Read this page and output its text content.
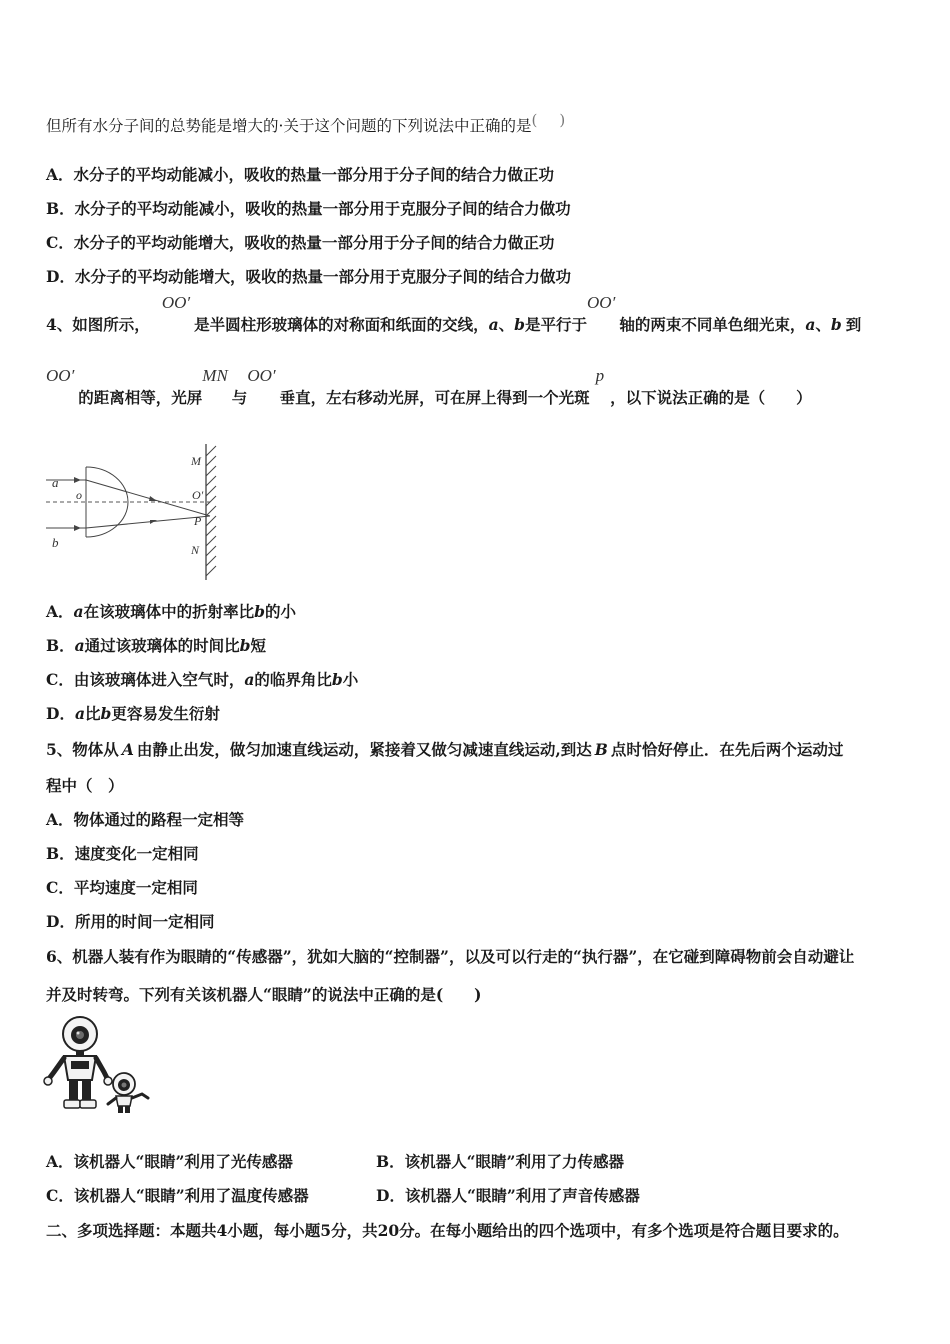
但所有水分子间的总势能是增大的·关于这个问题的下列说法中正确的是( )
A．水分子的平均动能减小，吸收的热量一部分用于分子间的结合力做正功
B．水分子的平均动能减小，吸收的热量一部分用于克服分子间的结合力做功
C．水分子的平均动能增大，吸收的热量一部分用于分子间的结合力做正功
D．水分子的平均动能增大，吸收的热量一部分用于克服分子间的结合力做功
4、如图所示，OO′是半圆柱形玻璃体的对称面和纸面的交线，a、b是平行于OO′轴的两束不同单色细光束，a、b 到
OO′的距离相等，光屏MN与OO′垂直，左右移动光屏，可在屏上得到一个光斑p，以下说法正确的是（　　）
a
b
o
M
O′
P
N
A．a在该玻璃体中的折射率比b的小
B．a通过该玻璃体的时间比b短
C．由该玻璃体进入空气时，a的临界角比b小
D．a比b更容易发生衍射
5、物体从 A 由静止出发，做匀加速直线运动，紧接着又做匀减速直线运动,到达 B 点时恰好停止．在先后两个运动过
程中（　）
A．物体通过的路程一定相等
B．速度变化一定相同
C．平均速度一定相同
D．所用的时间一定相同
6、机器人装有作为眼睛的“传感器”，犹如大脑的“控制器”，以及可以行走的“执行器”，在它碰到障碍物前会自动避让
并及时转弯。下列有关该机器人“眼睛”的说法中正确的是(　　)
A．该机器人“眼睛”利用了光传感器	B．该机器人“眼睛”利用了力传感器
C．该机器人“眼睛”利用了温度传感器	D．该机器人“眼睛”利用了声音传感器
二、多项选择题：本题共4小题，每小题5分，共20分。在每小题给出的四个选项中，有多个选项是符合题目要求的。
